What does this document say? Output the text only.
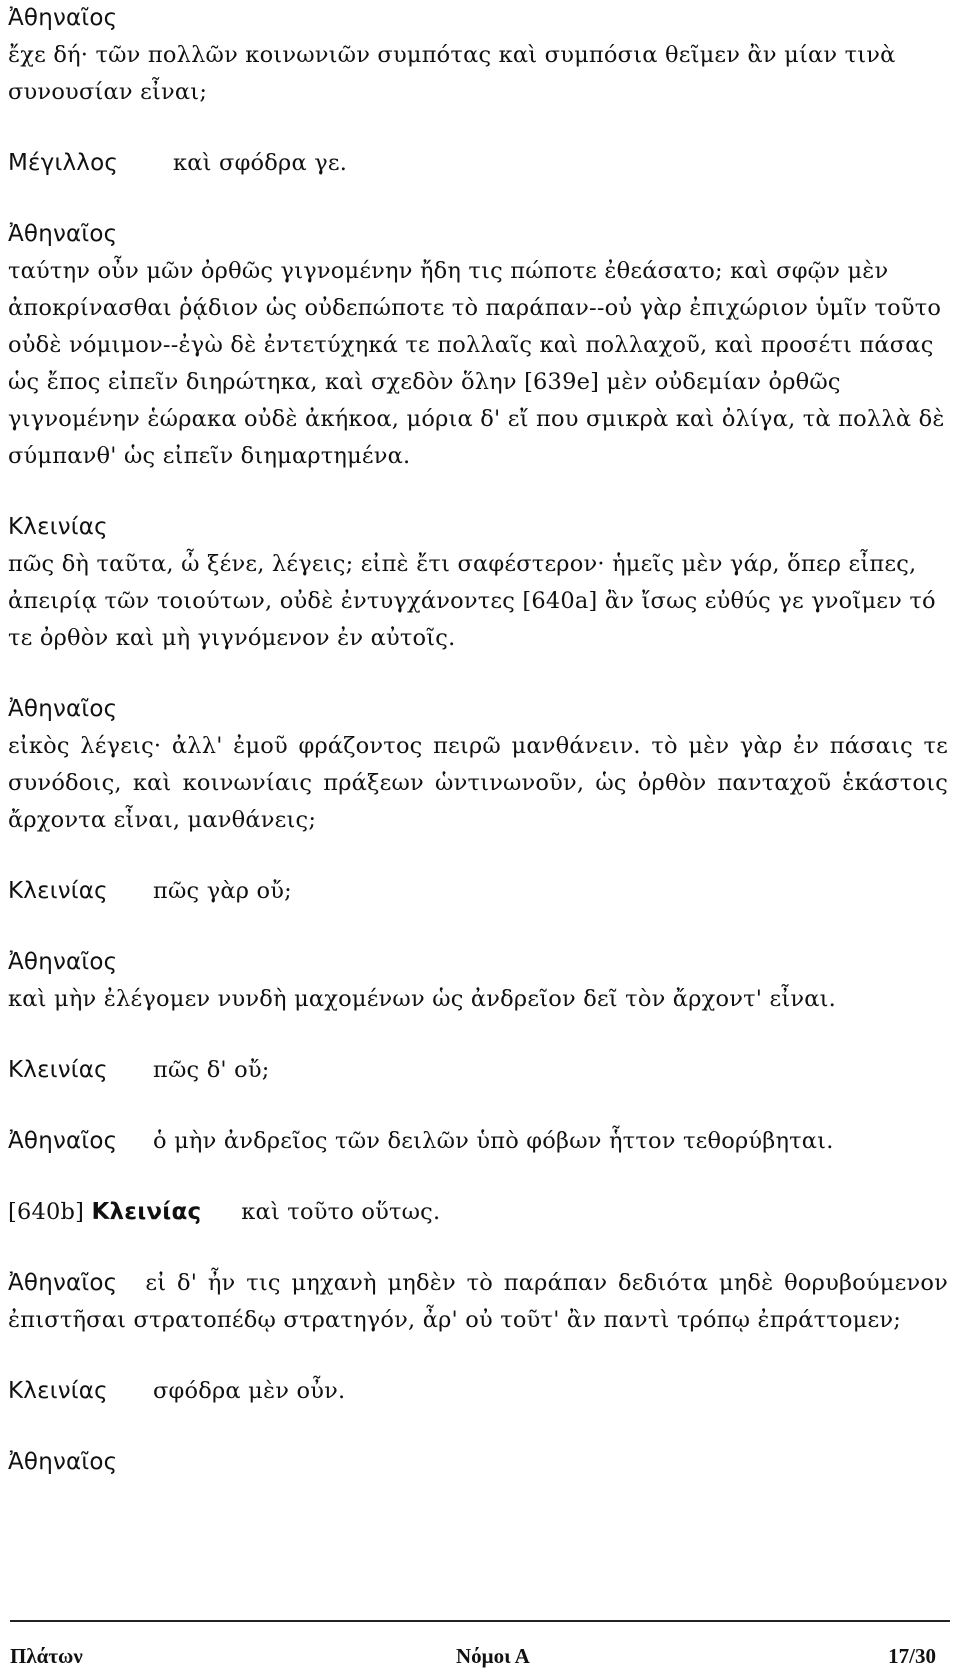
Ἀθηναῖος
ἔχε δή· τῶν πολλῶν κοινωνιῶν συμπότας καὶ συμπόσια θεῖμεν ἂν μίαν τινὰ συνουσίαν εἶναι;
Μέγιλλος καὶ σφόδρα γε.
Ἀθηναῖος
ταύτην οὖν μῶν ὀρθῶς γιγνομένην ἤδη τις πώποτε ἐθεάσατο; καὶ σφῷν μὲν ἀποκρίνασθαι ῥᾴδιον ὡς οὐδεπώποτε τὸ παράπαν--οὐ γὰρ ἐπιχώριον ὑμῖν τοῦτο οὐδὲ νόμιμον--ἐγὼ δὲ ἐντετύχηκά τε πολλαῖς καὶ πολλαχοῦ, καὶ προσέτι πάσας ὡς ἔπος εἰπεῖν διηρώτηκα, καὶ σχεδὸν ὅλην [639e] μὲν οὐδεμίαν ὀρθῶς γιγνομένην ἑώρακα οὐδὲ ἀκήκοα, μόρια δ' εἴ που σμικρὰ καὶ ὀλίγα, τὰ πολλὰ δὲ σύμπανθ' ὡς εἰπεῖν διημαρτημένα.
Κλεινίας
πῶς δὴ ταῦτα, ὦ ξένε, λέγεις; εἰπὲ ἔτι σαφέστερον· ἡμεῖς μὲν γάρ, ὅπερ εἶπες, ἀπειρίᾳ τῶν τοιούτων, οὐδὲ ἐντυγχάνοντες [640a] ἂν ἴσως εὐθύς γε γνοῖμεν τό τε ὀρθὸν καὶ μὴ γιγνόμενον ἐν αὐτοῖς.
Ἀθηναῖος
εἰκὸς λέγεις· ἀλλ' ἐμοῦ φράζοντος πειρῶ μανθάνειν. τὸ μὲν γὰρ ἐν πάσαις τε συνόδοις, καὶ κοινωνίαις πράξεων ὡντινωνοῦν, ὡς ὀρθὸν πανταχοῦ ἑκάστοις ἄρχοντα εἶναι, μανθάνεις;
Κλεινίας πῶς γὰρ οὔ;
Ἀθηναῖος
καὶ μὴν ἐλέγομεν νυνδὴ μαχομένων ὡς ἀνδρεῖον δεῖ τὸν ἄρχοντ' εἶναι.
Κλεινίας πῶς δ' οὔ;
Ἀθηναῖος ὁ μὴν ἀνδρεῖος τῶν δειλῶν ὑπὸ φόβων ἧττον τεθορύβηται.
[640b] Κλεινίας καὶ τοῦτο οὕτως.
Ἀθηναῖος εἰ δ' ἦν τις μηχανὴ μηδὲν τὸ παράπαν δεδιότα μηδὲ θορυβούμενον ἐπιστῆσαι στρατοπέδῳ στρατηγόν, ἆρ' οὐ τοῦτ' ἂν παντὶ τρόπῳ ἐπράττομεν;
Κλεινίας σφόδρα μὲν οὖν.
Ἀθηναῖος
Πλάτων	Νόμοι Α	17/30
